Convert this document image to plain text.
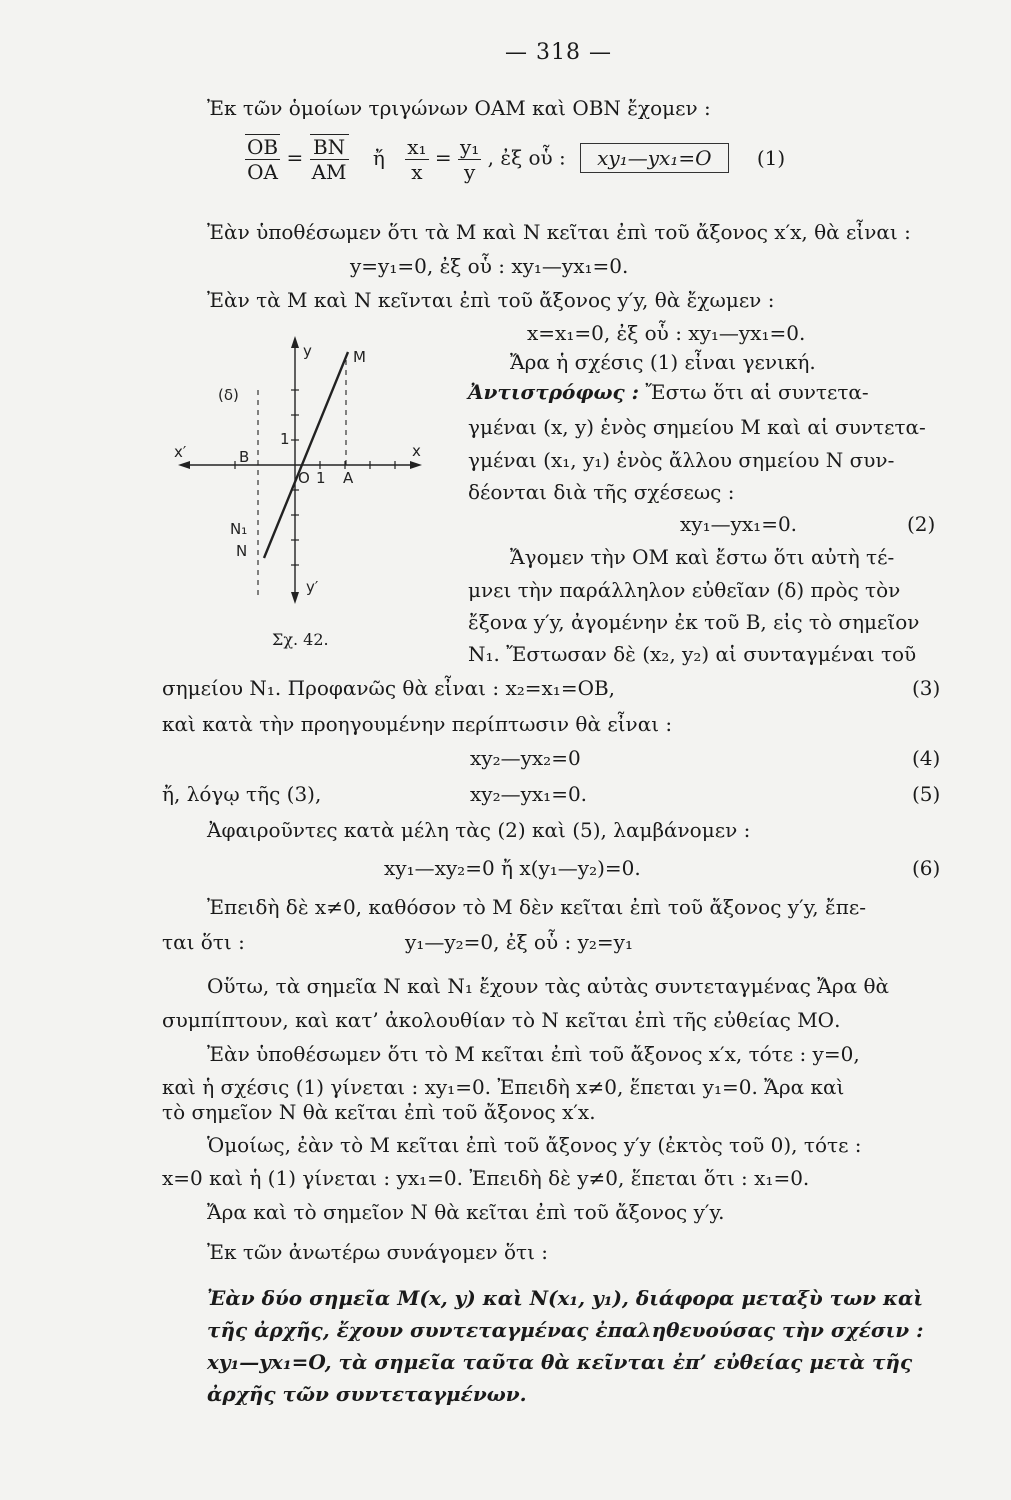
— 318 —
Ἐκ τῶν ὁμοίων τριγώνων ΟΑΜ καὶ ΟΒΝ ἔχομεν :
$\frac{OB}{OA} = \frac{BN}{AM}$ ἤ $\frac{\text{x₁}}{x} = \frac{\text{y₁}}{y}$ , ἐξ οὗ : xy₁—yx₁=O (1)
Ἐὰν ὑποθέσωμεν ὅτι τὰ Μ καὶ Ν κεῖται ἐπὶ τοῦ ἄξονος x′x, θὰ εἶναι :
y=y₁=0, ἐξ οὗ : xy₁—yx₁=0.
Ἐὰν τὰ Μ καὶ Ν κεῖνται ἐπὶ τοῦ ἄξονος y′y, θὰ ἔχωμεν :
x=x₁=0, ἐξ οὗ : xy₁—yx₁=0.
Ἄρα ἡ σχέσις (1) εἶναι γενική.
Ἀντιστρόφως : Ἔστω ὅτι αἱ συντετα-
γμέναι (x, y) ἑνὸς σημείου Μ καὶ αἱ συντετα-
γμέναι (x₁, y₁) ἑνὸς ἄλλου σημείου Ν συν-
δέονται διὰ τῆς σχέσεως :
xy₁—yx₁=0.	(2)
Ἄγομεν τὴν ΟΜ καὶ ἔστω ὅτι αὐτὴ τέ-
μνει τὴν παράλληλον εὐθεῖαν (δ) πρὸς τὸν
ἔξονα y′y, ἀγομένην ἐκ τοῦ Β, εἰς τὸ σημεῖον
Ν₁. Ἔστωσαν δὲ (x₂, y₂) αἱ συνταγμέναι τοῦ
y
y′
x
x′
M
B
A
O 1
1
N₁
N
(δ)
Σχ. 42.
σημείου Ν₁. Προφανῶς θὰ εἶναι : x₂=x₁=OB,	(3)
καὶ κατὰ τὴν προηγουμένην περίπτωσιν θὰ εἶναι :
xy₂—yx₂=0	(4)
ἤ, λόγῳ τῆς (3),	xy₂—yx₁=0.	(5)
Ἀφαιροῦντες κατὰ μέλη τὰς (2) καὶ (5), λαμβάνομεν :
xy₁—xy₂=0 ἤ x(y₁—y₂)=0.	(6)
Ἐπειδὴ δὲ x≠0, καθόσον τὸ Μ δὲν κεῖται ἐπὶ τοῦ ἄξονος y′y, ἔπε-
ται ὅτι :	y₁—y₂=0, ἐξ οὗ : y₂=y₁
Οὕτω, τὰ σημεῖα Ν καὶ Ν₁ ἔχουν τὰς αὐτὰς συντεταγμένας Ἄρα θὰ
συμπίπτουν, καὶ κατ’ ἀκολουθίαν τὸ Ν κεῖται ἐπὶ τῆς εὐθείας ΜΟ.
Ἐὰν ὑποθέσωμεν ὅτι τὸ Μ κεῖται ἐπὶ τοῦ ἄξονος x′x, τότε : y=0,
καὶ ἡ σχέσις (1) γίνεται : xy₁=0. Ἐπειδὴ x≠0, ἕπεται y₁=0. Ἄρα καὶ
τὸ σημεῖον Ν θὰ κεῖται ἐπὶ τοῦ ἄξονος x′x.
Ὁμοίως, ἐὰν τὸ Μ κεῖται ἐπὶ τοῦ ἄξονος y′y (ἐκτὸς τοῦ 0), τότε :
x=0 καὶ ἡ (1) γίνεται : yx₁=0. Ἐπειδὴ δὲ y≠0, ἕπεται ὅτι : x₁=0.
Ἄρα καὶ τὸ σημεῖον Ν θὰ κεῖται ἐπὶ τοῦ ἄξονος y′y.
Ἐκ τῶν ἀνωτέρω συνάγομεν ὅτι :
Ἐὰν δύο σημεῖα Μ(x, y) καὶ Ν(x₁, y₁), διάφορα μεταξὺ των καὶ
τῆς ἀρχῆς, ἔχουν συντεταγμένας ἐπαληθευούσας τὴν σχέσιν :
xy₁—yx₁=O, τὰ σημεῖα ταῦτα θὰ κεῖνται ἐπ’ εὐθείας μετὰ τῆς
ἀρχῆς τῶν συντεταγμένων.
